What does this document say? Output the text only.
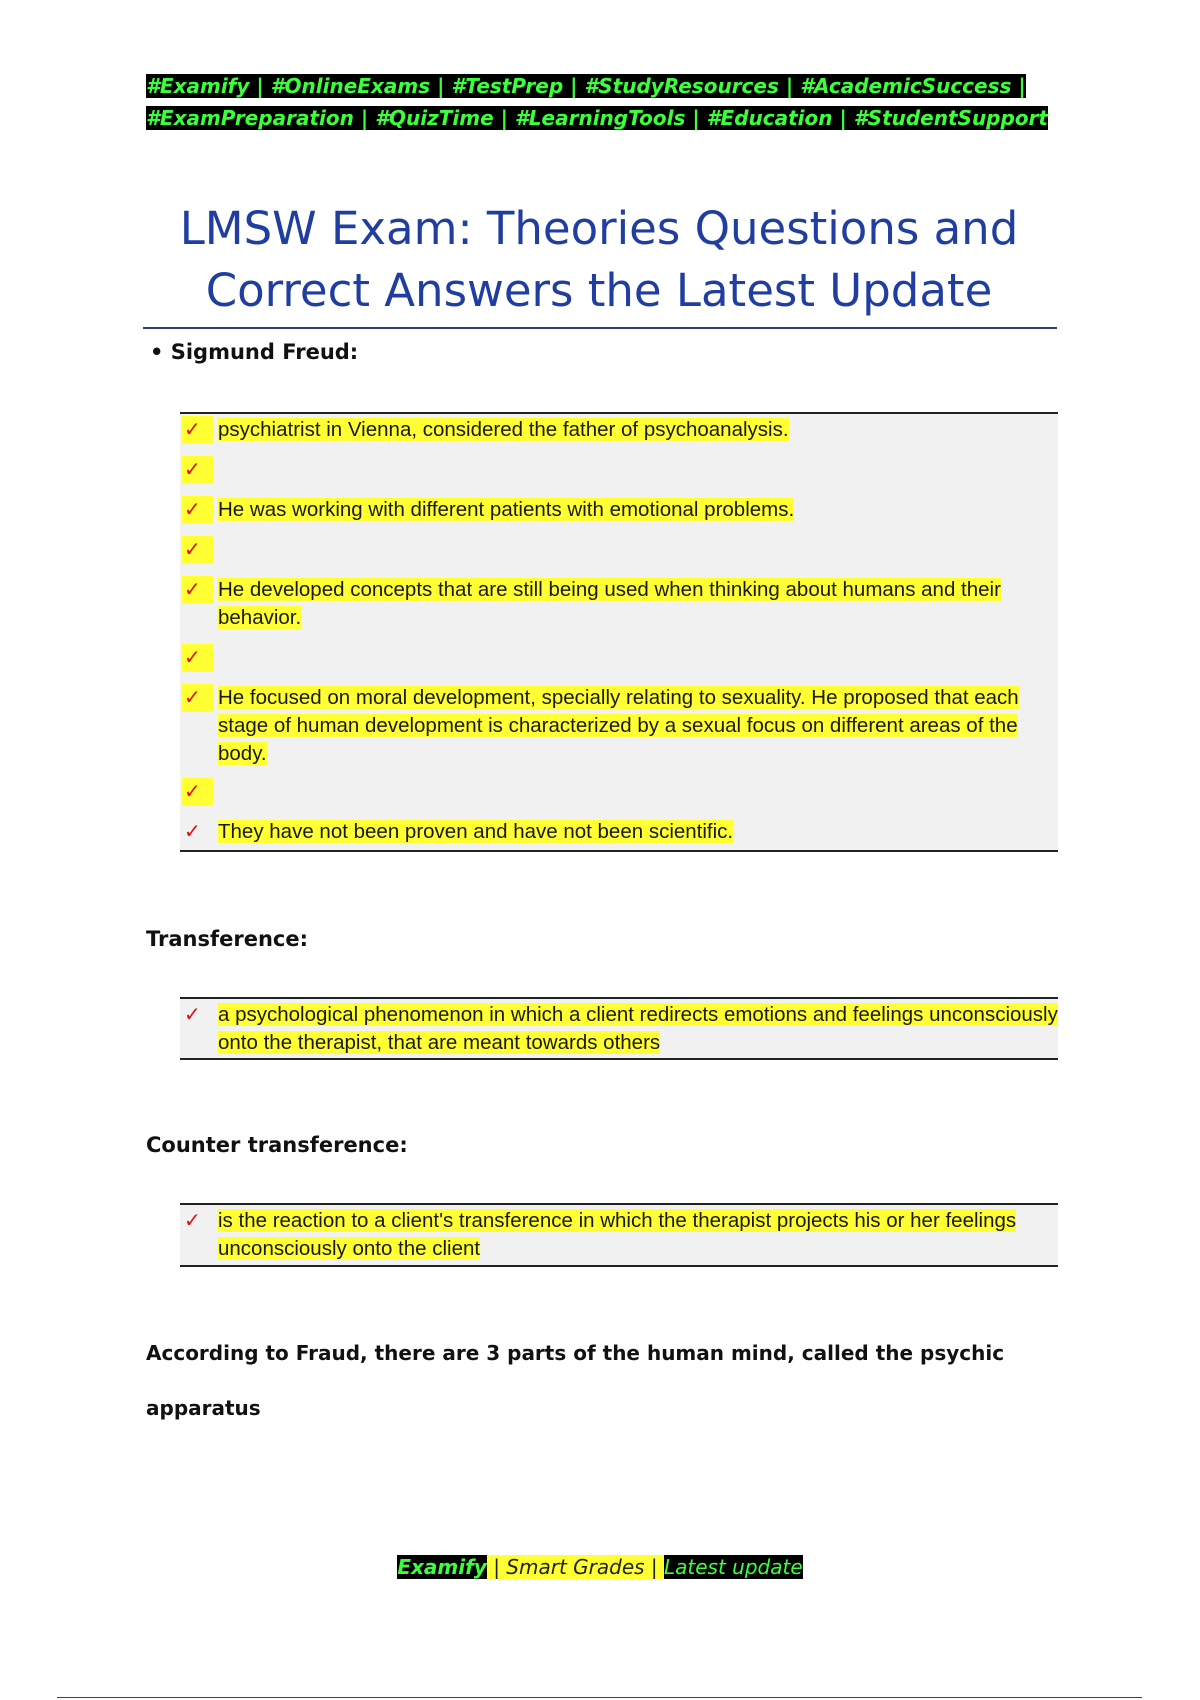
#Examify | #OnlineExams | #TestPrep | #StudyResources | #AcademicSuccess |
#ExamPreparation | #QuizTime | #LearningTools | #Education | #StudentSupport
LMSW Exam: Theories Questions and
Correct Answers the Latest Update
• Sigmund Freud:
✓ psychiatrist in Vienna, considered the father of psychoanalysis.
✓
✓ He was working with different patients with emotional problems.
✓
✓ He developed concepts that are still being used when thinking about humans and their behavior.
✓
✓ He focused on moral development, specially relating to sexuality. He proposed that each stage of human development is characterized by a sexual focus on different areas of the body.
✓
✓ They have not been proven and have not been scientific.
Transference:
✓ a psychological phenomenon in which a client redirects emotions and feelings unconsciously onto the therapist, that are meant towards others
Counter transference:
✓ is the reaction to a client's transference in which the therapist projects his or her feelings unconsciously onto the client
According to Fraud, there are 3 parts of the human mind, called the psychic apparatus
Examify | Smart Grades | Latest update
